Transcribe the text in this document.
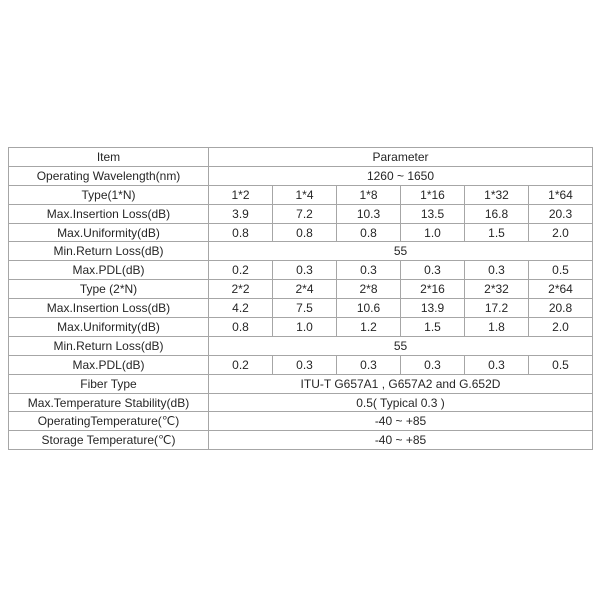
Item	Parameter					
Operating Wavelength(nm)	1260 ~ 1650					
Type(1*N)	1*2	1*4	1*8	1*16	1*32	1*64
Max.Insertion Loss(dB)	3.9	7.2	10.3	13.5	16.8	20.3
Max.Uniformity(dB)	0.8	0.8	0.8	1.0	1.5	2.0
Min.Return Loss(dB)	55					
Max.PDL(dB)	0.2	0.3	0.3	0.3	0.3	0.5
Type (2*N)	2*2	2*4	2*8	2*16	2*32	2*64
Max.Insertion Loss(dB)	4.2	7.5	10.6	13.9	17.2	20.8
Max.Uniformity(dB)	0.8	1.0	1.2	1.5	1.8	2.0
Min.Return Loss(dB)	55					
Max.PDL(dB)	0.2	0.3	0.3	0.3	0.3	0.5
Fiber Type	ITU-T G657A1 , G657A2 and G.652D					
Max.Temperature Stability(dB)	0.5( Typical 0.3 )					
OperatingTemperature(℃)	-40 ~ +85					
Storage Temperature(℃)	-40 ~ +85					
